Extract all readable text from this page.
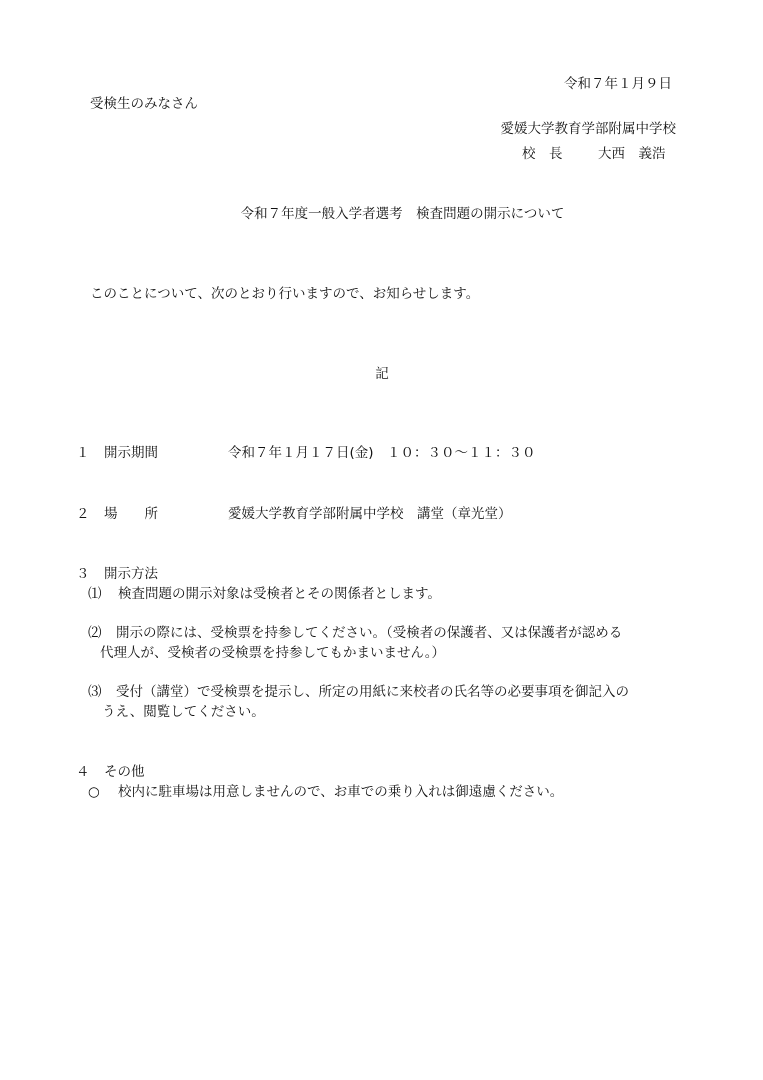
令和７年１月９日
受検生のみなさん
愛媛大学教育学部附属中学校
校　長	大西　義浩
令和７年度一般入学者選考　検査問題の開示について
このことについて、次のとおり行いますので、お知らせします。
記
１ 開示期間	令和７年１月１７日(金)　１０：３０～１１：３０
２ 場　　所	愛媛大学教育学部附属中学校　講堂（章光堂）
３ 開示方法
⑴ 検査問題の開示対象は受検者とその関係者とします。
⑵ 開示の際には、受検票を持参してください。（受検者の保護者、又は保護者が認める
代理人が、受検者の受検票を持参してもかまいません。）
⑶ 受付（講堂）で受検票を提示し、所定の用紙に来校者の氏名等の必要事項を御記入の
うえ、閲覧してください。
４ その他
○ 校内に駐車場は用意しませんので、お車での乗り入れは御遠慮ください。
